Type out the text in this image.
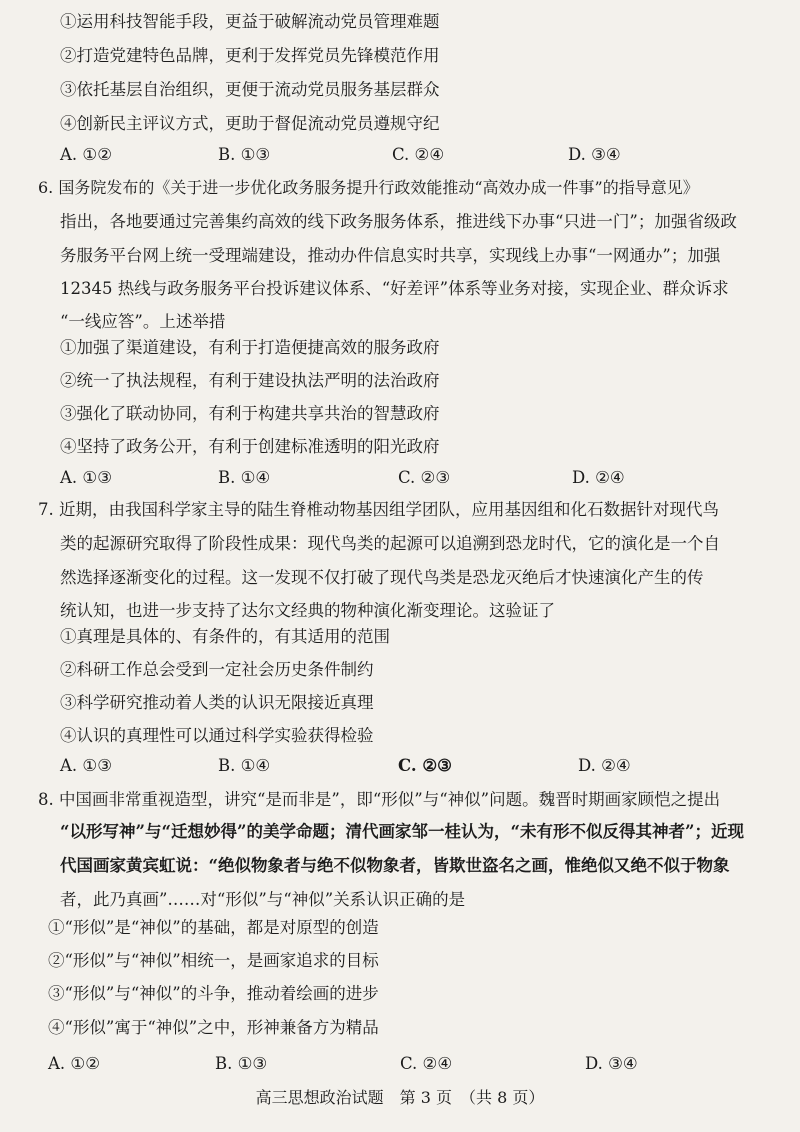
①运用科技智能手段，更益于破解流动党员管理难题
②打造党建特色品牌，更利于发挥党员先锋模范作用
③依托基层自治组织，更便于流动党员服务基层群众
④创新民主评议方式，更助于督促流动党员遵规守纪
A. ①②	B. ①③	C. ②④	D. ③④
6. 国务院发布的《关于进一步优化政务服务提升行政效能推动“高效办成一件事”的指导意见》
指出，各地要通过完善集约高效的线下政务服务体系，推进线下办事“只进一门”；加强省级政
务服务平台网上统一受理端建设，推动办件信息实时共享，实现线上办事“一网通办”；加强
12345 热线与政务服务平台投诉建议体系、“好差评”体系等业务对接，实现企业、群众诉求
“一线应答”。上述举措
①加强了渠道建设，有利于打造便捷高效的服务政府
②统一了执法规程，有利于建设执法严明的法治政府
③强化了联动协同，有利于构建共享共治的智慧政府
④坚持了政务公开，有利于创建标准透明的阳光政府
A. ①③	B. ①④	C. ②③	D. ②④
7. 近期，由我国科学家主导的陆生脊椎动物基因组学团队，应用基因组和化石数据针对现代鸟
类的起源研究取得了阶段性成果：现代鸟类的起源可以追溯到恐龙时代，它的演化是一个自
然选择逐渐变化的过程。这一发现不仅打破了现代鸟类是恐龙灭绝后才快速演化产生的传
统认知，也进一步支持了达尔文经典的物种演化渐变理论。这验证了
①真理是具体的、有条件的，有其适用的范围
②科研工作总会受到一定社会历史条件制约
③科学研究推动着人类的认识无限接近真理
④认识的真理性可以通过科学实验获得检验
A. ①③	B. ①④	C. ②③	D. ②④
8. 中国画非常重视造型，讲究“是而非是”，即“形似”与“神似”问题。魏晋时期画家顾恺之提出
“以形写神”与“迁想妙得”的美学命题；清代画家邹一桂认为，“未有形不似反得其神者”；近现
代国画家黄宾虹说：“绝似物象者与绝不似物象者，皆欺世盗名之画，惟绝似又绝不似于物象
者，此乃真画”……对“形似”与“神似”关系认识正确的是
①“形似”是“神似”的基础，都是对原型的创造
②“形似”与“神似”相统一，是画家追求的目标
③“形似”与“神似”的斗争，推动着绘画的进步
④“形似”寓于“神似”之中，形神兼备方为精品
A. ①②	B. ①③	C. ②④	D. ③④
高三思想政治试题　第 3 页　（共 8 页）
